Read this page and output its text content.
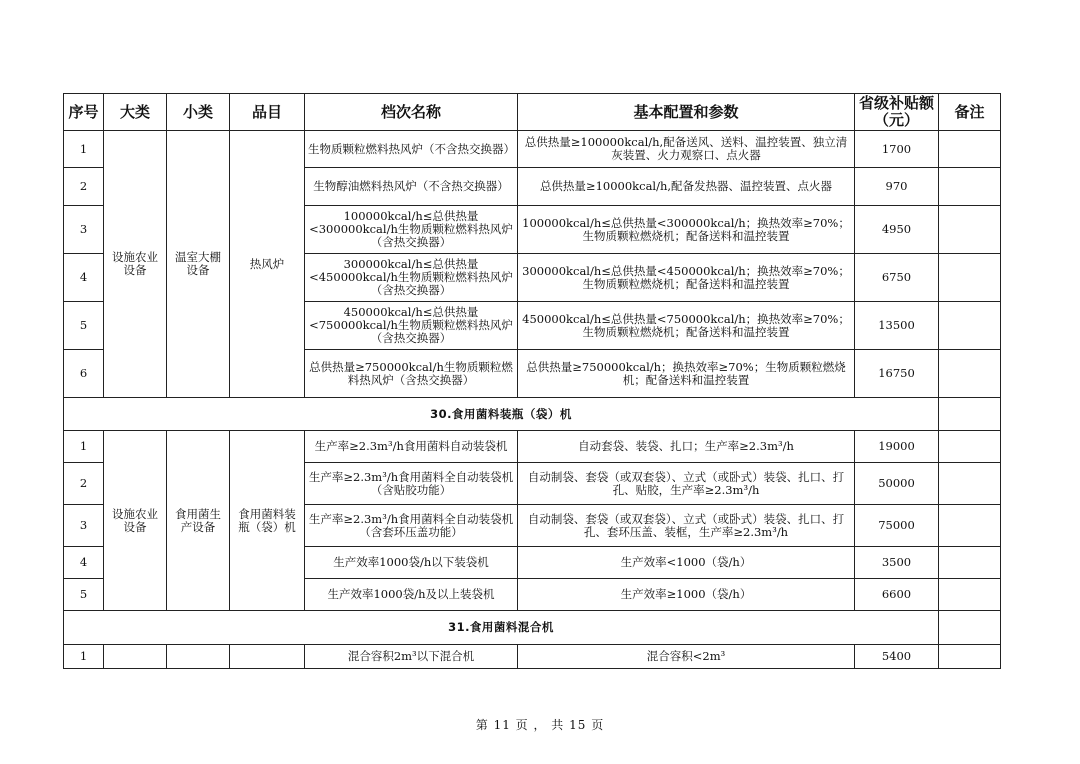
序号	大类	小类	品目	档次名称	基本配置和参数	省级补贴额（元）	备注
1	设施农业设备	温室大棚设备	热风炉	生物质颗粒燃料热风炉（不含热交换器）	总供热量≥100000kcal/h,配备送风、送料、温控装置、独立清灰装置、火力观察口、点火器	1700	
2				生物醇油燃料热风炉（不含热交换器）	总供热量≥10000kcal/h,配备发热器、温控装置、点火器	970	
3				100000kcal/h≤总供热量<300000kcal/h生物质颗粒燃料热风炉（含热交换器）	100000kcal/h≤总供热量<300000kcal/h；换热效率≥70%；生物质颗粒燃烧机；配备送料和温控装置	4950	
4				300000kcal/h≤总供热量<450000kcal/h生物质颗粒燃料热风炉（含热交换器）	300000kcal/h≤总供热量<450000kcal/h；换热效率≥70%；生物质颗粒燃烧机；配备送料和温控装置	6750	
5				450000kcal/h≤总供热量<750000kcal/h生物质颗粒燃料热风炉（含热交换器）	450000kcal/h≤总供热量<750000kcal/h；换热效率≥70%；生物质颗粒燃烧机；配备送料和温控装置	13500	
6				总供热量≥750000kcal/h生物质颗粒燃料热风炉（含热交换器）	总供热量≥750000kcal/h；换热效率≥70%；生物质颗粒燃烧机；配备送料和温控装置	16750	
30.食用菌料装瓶（袋）机							
1	设施农业设备	食用菌生产设备	食用菌料装瓶（袋）机	生产率≥2.3m³/h食用菌料自动装袋机	自动套袋、装袋、扎口；生产率≥2.3m³/h	19000	
2				生产率≥2.3m³/h食用菌料全自动装袋机（含贴胶功能）	自动制袋、套袋（或双套袋）、立式（或卧式）装袋、扎口、打孔、贴胶，生产率≥2.3m³/h	50000	
3				生产率≥2.3m³/h食用菌料全自动装袋机（含套环压盖功能）	自动制袋、套袋（或双套袋）、立式（或卧式）装袋、扎口、打孔、套环压盖、装框，生产率≥2.3m³/h	75000	
4				生产效率1000袋/h以下装袋机	生产效率<1000（袋/h）	3500	
5				生产效率1000袋/h及以上装袋机	生产效率≥1000（袋/h）	6600	
31.食用菌料混合机							
1				混合容积2m³以下混合机	混合容积<2m³	5400	
第 11 页 ， 共 15 页
